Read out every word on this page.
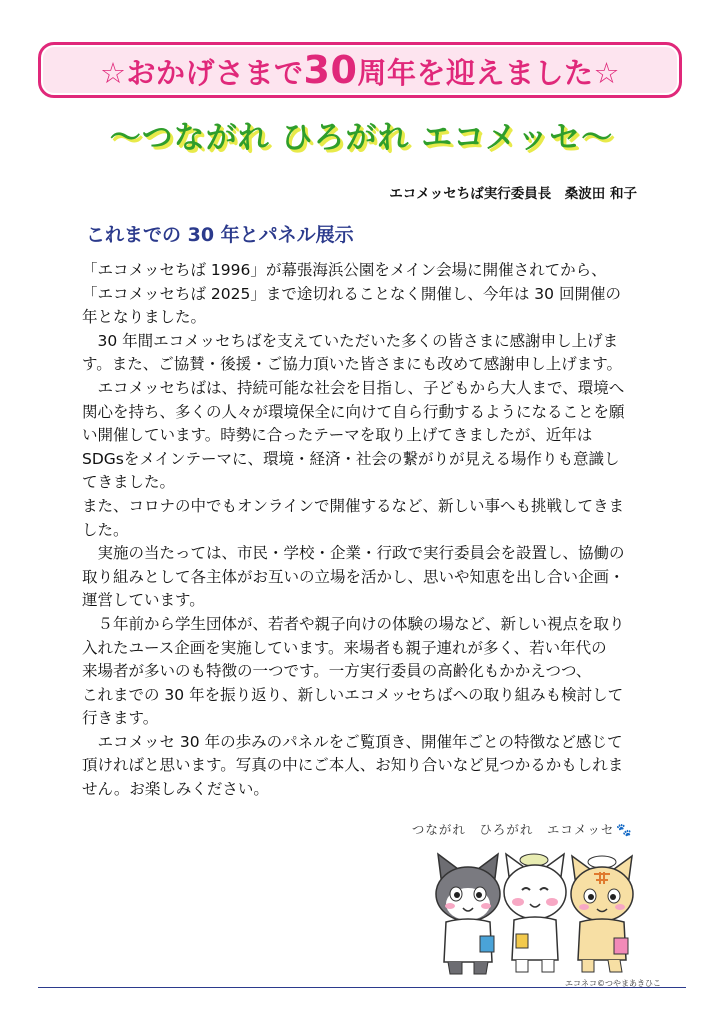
☆おかげさまで30周年を迎えました☆
～つながれ ひろがれ エコメッセ～
エコメッセちば実行委員長　桑波田 和子
これまでの 30 年とパネル展示

「エコメッセちば 1996」が幕張海浜公園をメイン会場に開催されてから、

「エコメッセちば 2025」まで途切れることなく開催し、今年は 30 回開催の

年となりました。

　30 年間エコメッセちばを支えていただいた多くの皆さまに感謝申し上げま

す。また、ご協賛・後援・ご協力頂いた皆さまにも改めて感謝申し上げます。

　エコメッセちばは、持続可能な社会を目指し、子どもから大人まで、環境へ

関心を持ち、多くの人々が環境保全に向けて自ら行動するようになることを願

い開催しています。時勢に合ったテーマを取り上げてきましたが、近年は

SDGsをメインテーマに、環境・経済・社会の繋がりが見える場作りも意識し

てきました。

また、コロナの中でもオンラインで開催するなど、新しい事へも挑戦してきま

した。

　実施の当たっては、市民・学校・企業・行政で実行委員会を設置し、協働の

取り組みとして各主体がお互いの立場を活かし、思いや知恵を出し合い企画・

運営しています。

　５年前から学生団体が、若者や親子向けの体験の場など、新しい視点を取り

入れたユース企画を実施しています。来場者も親子連れが多く、若い年代の

来場者が多いのも特徴の一つです。一方実行委員の高齢化もかかえつつ、

これまでの 30 年を振り返り、新しいエコメッセちばへの取り組みも検討して

行きます。

　エコメッセ 30 年の歩みのパネルをご覧頂き、開催年ごとの特徴など感じて

頂ければと思います。写真の中にご本人、お知り合いなど見つかるかもしれま

せん。お楽しみください。

つながれ　ひろがれ　エコメッセ 🐾
エコネコ©つやまあきひこ
